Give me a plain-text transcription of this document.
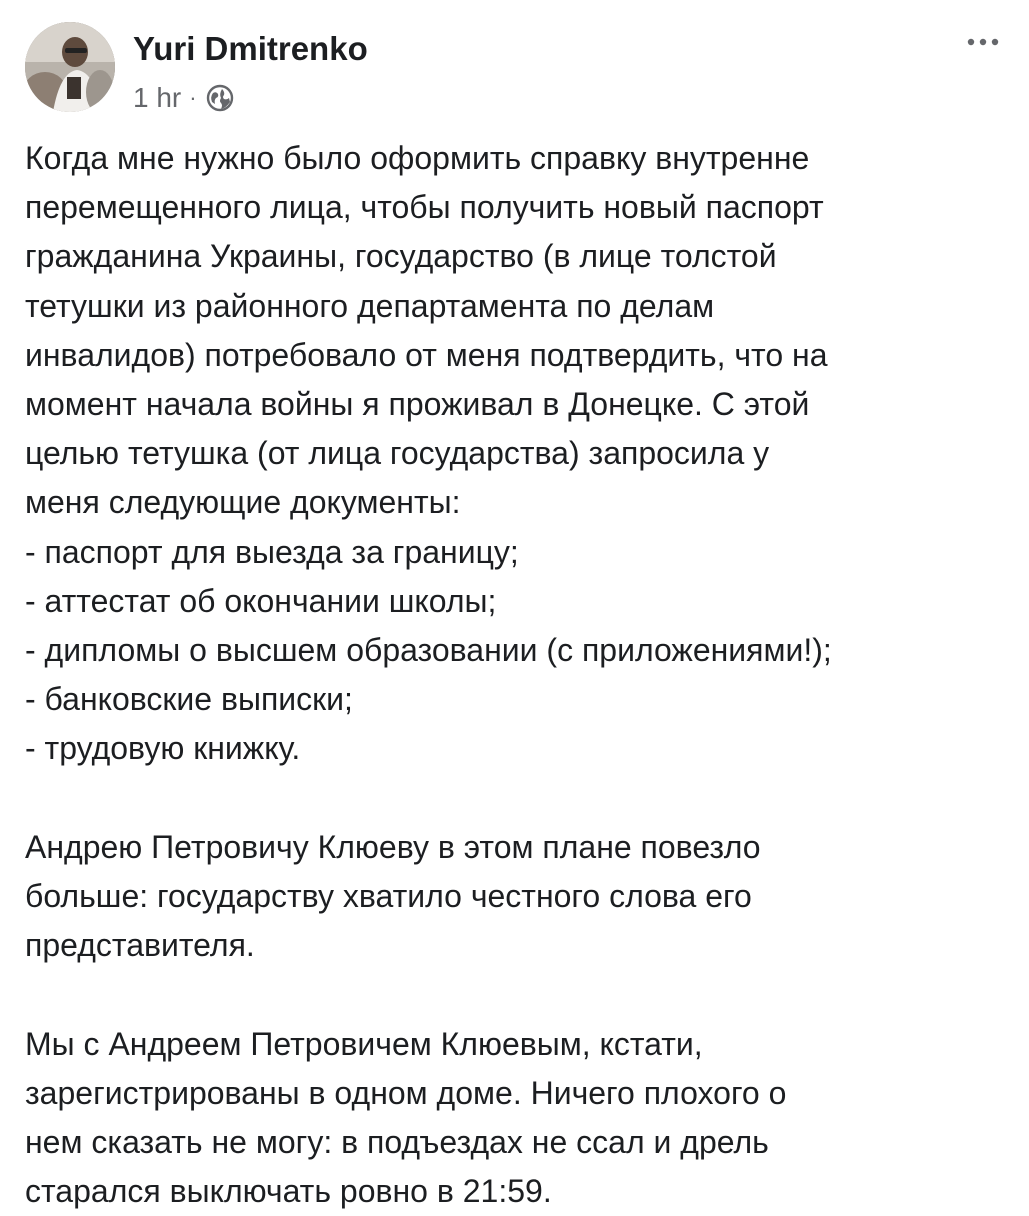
Yuri Dmitrenko
1 hr ·
Когда мне нужно было оформить справку внутренне
перемещенного лица, чтобы получить новый паспорт
гражданина Украины, государство (в лице толстой
тетушки из районного департамента по делам
инвалидов) потребовало от меня подтвердить, что на
момент начала войны я проживал в Донецке. С этой
целью тетушка (от лица государства) запросила у
меня следующие документы:
- паспорт для выезда за границу;
- аттестат об окончании школы;
- дипломы о высшем образовании (с приложениями!);
- банковские выписки;
- трудовую книжку.
Андрею Петровичу Клюеву в этом плане повезло
больше: государству хватило честного слова его
представителя.
Мы с Андреем Петровичем Клюевым, кстати,
зарегистрированы в одном доме. Ничего плохого о
нем сказать не могу: в подъездах не ссал и дрель
старался выключать ровно в 21:59.
